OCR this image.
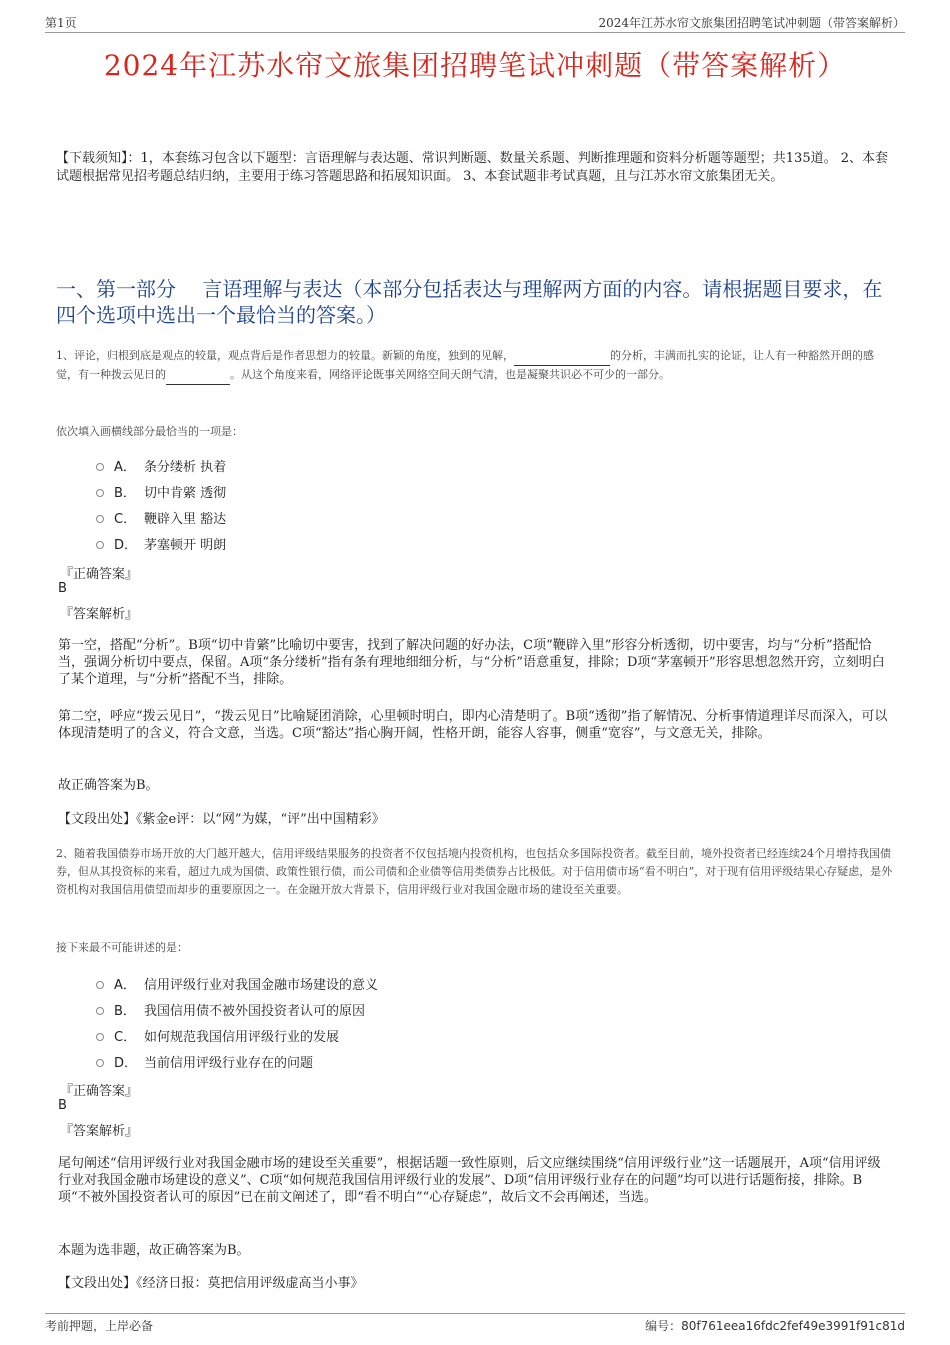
第1页	2024年江苏水帘文旅集团招聘笔试冲刺题（带答案解析）
2024年江苏水帘文旅集团招聘笔试冲刺题（带答案解析）
【下载须知】：1，本套练习包含以下题型：言语理解与表达题、常识判断题、数量关系题、判断推理题和资料分析题等题型；共135道。 2、本套试题根据常见招考题总结归纳，主要用于练习答题思路和拓展知识面。 3、本套试题非考试真题，且与江苏水帘文旅集团无关。
一、第一部分　 言语理解与表达（本部分包括表达与理解两方面的内容。请根据题目要求，在四个选项中选出一个最恰当的答案。）
1、评论，归根到底是观点的较量，观点背后是作者思想力的较量。新颖的角度，独到的见解，	的分析，丰满而扎实的论证，让人有一种豁然开朗的感觉，有一种拨云见日的	。从这个角度来看，网络评论既事关网络空间天朗气清，也是凝聚共识必不可少的一部分。
依次填入画横线部分最恰当的一项是：
A． 条分缕析 执着
B． 切中肯綮 透彻
C． 鞭辟入里 豁达
D． 茅塞顿开 明朗
『正确答案』
B
『答案解析』
第一空，搭配“分析”。B项“切中肯綮”比喻切中要害，找到了解决问题的好办法，C项“鞭辟入里”形容分析透彻，切中要害，均与“分析”搭配恰当，强调分析切中要点，保留。A项“条分缕析”指有条有理地细细分析，与“分析”语意重复，排除；D项“茅塞顿开”形容思想忽然开窍，立刻明白了某个道理，与“分析”搭配不当，排除。
第二空，呼应“拨云见日”，“拨云见日”比喻疑团消除，心里顿时明白，即内心清楚明了。B项“透彻”指了解情况、分析事情道理详尽而深入，可以体现清楚明了的含义，符合文意，当选。C项“豁达”指心胸开阔，性格开朗，能容人容事，侧重“宽容”，与文意无关，排除。
故正确答案为B。
【文段出处】《紫金e评：以“网”为媒，“评”出中国精彩》
2、随着我国债券市场开放的大门越开越大，信用评级结果服务的投资者不仅包括境内投资机构，也包括众多国际投资者。截至目前，境外投资者已经连续24个月增持我国债券，但从其投资标的来看，超过九成为国债、政策性银行债，而公司债和企业债等信用类债券占比极低。对于信用债市场“看不明白”，对于现有信用评级结果心存疑虑，是外资机构对我国信用债望而却步的重要原因之一。在金融开放大背景下，信用评级行业对我国金融市场的建设至关重要。
接下来最不可能讲述的是：
A． 信用评级行业对我国金融市场建设的意义
B． 我国信用债不被外国投资者认可的原因
C． 如何规范我国信用评级行业的发展
D． 当前信用评级行业存在的问题
『正确答案』
B
『答案解析』
尾句阐述“信用评级行业对我国金融市场的建设至关重要”，根据话题一致性原则，后文应继续围绕“信用评级行业”这一话题展开，A项“信用评级行业对我国金融市场建设的意义”、C项“如何规范我国信用评级行业的发展”、D项“信用评级行业存在的问题”均可以进行话题衔接，排除。B项“不被外国投资者认可的原因”已在前文阐述了，即“看不明白”“心存疑虑”，故后文不会再阐述，当选。
本题为选非题，故正确答案为B。
【文段出处】《经济日报：莫把信用评级虚高当小事》
考前押题，上岸必备	编号：80f761eea16fdc2fef49e3991f91c81d
